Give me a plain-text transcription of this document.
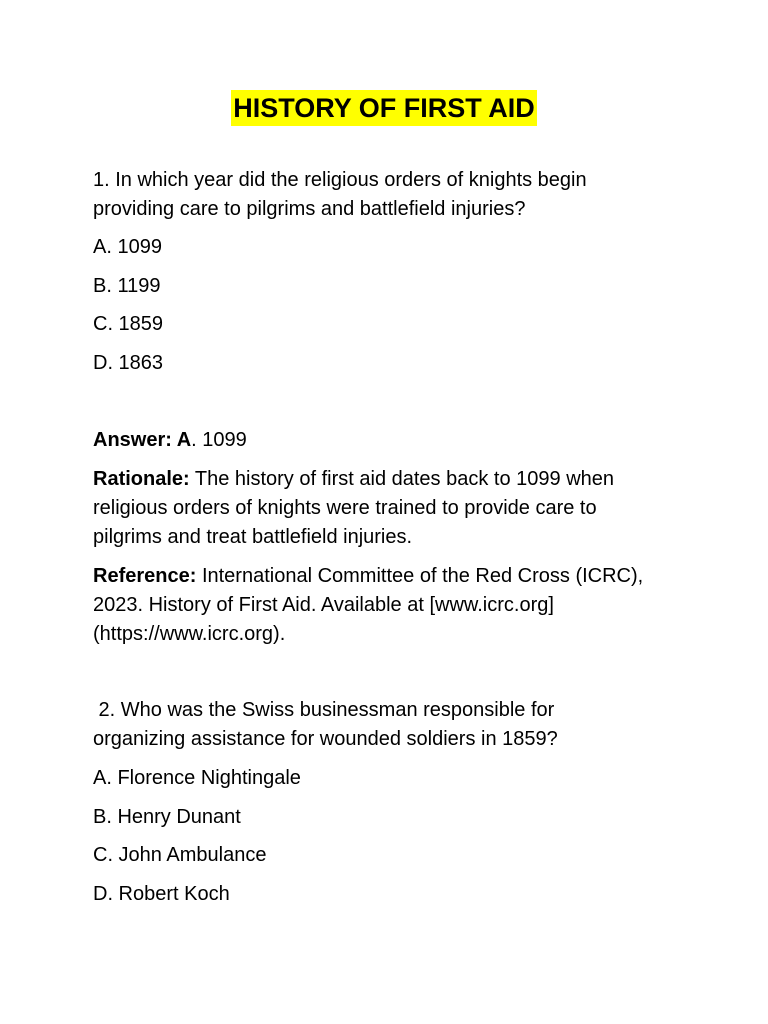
HISTORY OF FIRST AID
1. In which year did the religious orders of knights begin
providing care to pilgrims and battlefield injuries?
A. 1099
B. 1199
C. 1859
D. 1863
Answer: A. 1099
Rationale: The history of first aid dates back to 1099 when
religious orders of knights were trained to provide care to
pilgrims and treat battlefield injuries.
Reference: International Committee of the Red Cross (ICRC),
2023. History of First Aid. Available at [www.icrc.org]
(https://www.icrc.org).
2. Who was the Swiss businessman responsible for
organizing assistance for wounded soldiers in 1859?
A. Florence Nightingale
B. Henry Dunant
C. John Ambulance
D. Robert Koch
